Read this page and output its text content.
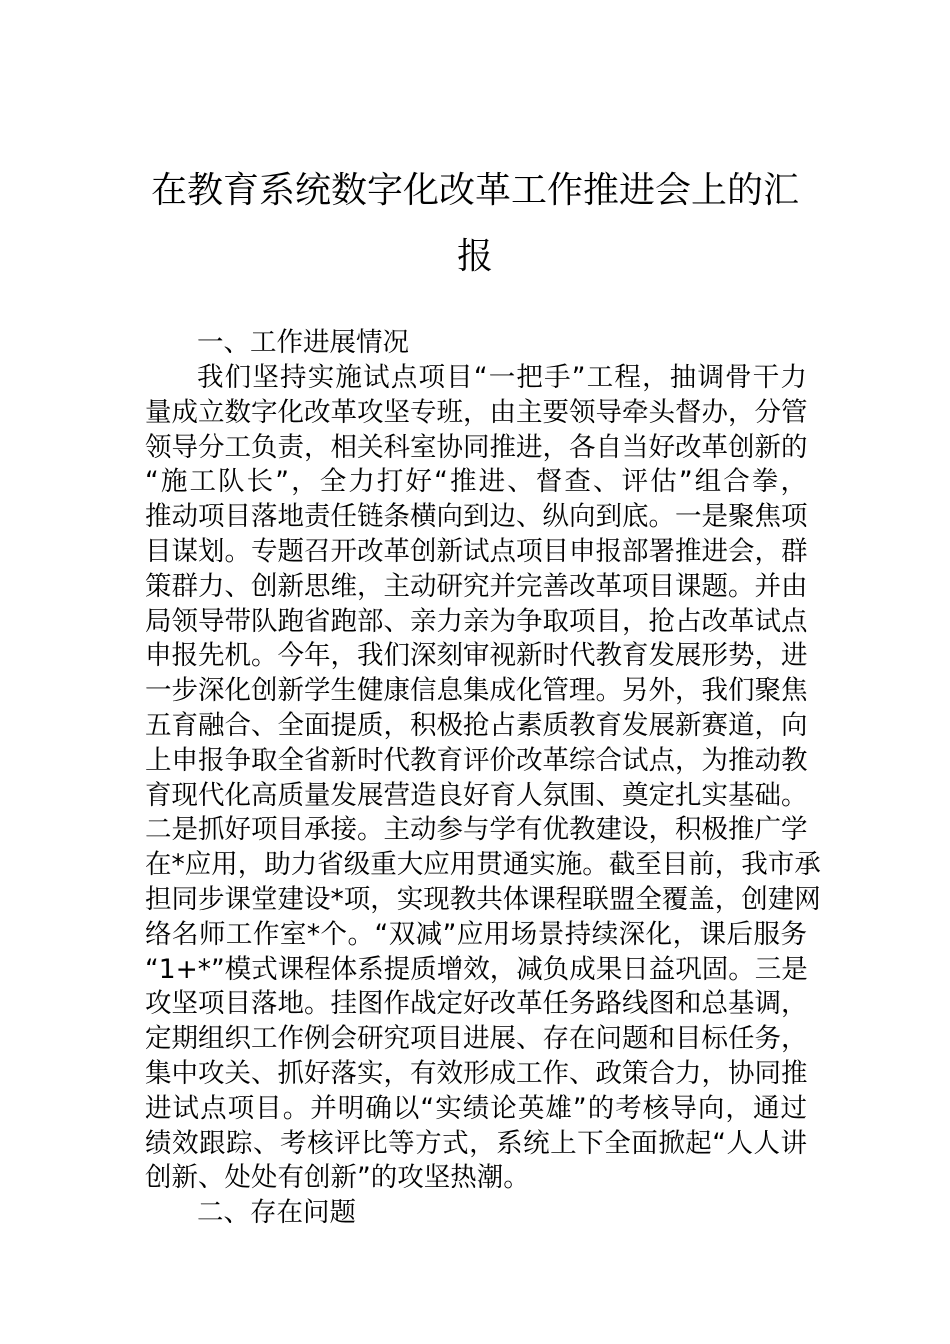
在教育系统数字化改革工作推进会上的汇
报

一、工作进展情况

我们坚持实施试点项目“一把手”工程，抽调骨干力

量成立数字化改革攻坚专班，由主要领导牵头督办，分管

领导分工负责，相关科室协同推进，各自当好改革创新的

“施工队长”，全力打好“推进、督查、评估”组合拳，

推动项目落地责任链条横向到边、纵向到底。一是聚焦项

目谋划。专题召开改革创新试点项目申报部署推进会，群

策群力、创新思维，主动研究并完善改革项目课题。并由

局领导带队跑省跑部、亲力亲为争取项目，抢占改革试点

申报先机。今年，我们深刻审视新时代教育发展形势，进

一步深化创新学生健康信息集成化管理。另外，我们聚焦

五育融合、全面提质，积极抢占素质教育发展新赛道，向

上申报争取全省新时代教育评价改革综合试点，为推动教

育现代化高质量发展营造良好育人氛围、奠定扎实基础。

二是抓好项目承接。主动参与学有优教建设，积极推广学

在*应用，助力省级重大应用贯通实施。截至目前，我市承

担同步课堂建设*项，实现教共体课程联盟全覆盖，创建网

络名师工作室*个。“双减”应用场景持续深化，课后服务

“1+*”模式课程体系提质增效，减负成果日益巩固。三是

攻坚项目落地。挂图作战定好改革任务路线图和总基调，

定期组织工作例会研究项目进展、存在问题和目标任务，

集中攻关、抓好落实，有效形成工作、政策合力，协同推

进试点项目。并明确以“实绩论英雄”的考核导向，通过

绩效跟踪、考核评比等方式，系统上下全面掀起“人人讲

创新、处处有创新”的攻坚热潮。

二、存在问题
